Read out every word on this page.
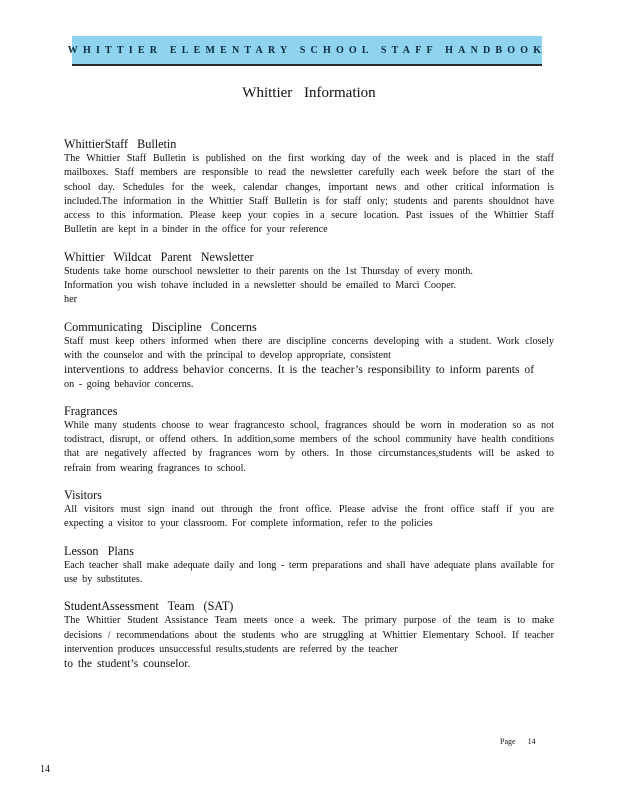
WHITTIER ELEMENTARY SCHOOL STAFF HANDBOOK
Whittier Information
WhittierStaff Bulletin
The Whittier Staff Bulletin is published on the first working day of the week and is placed in the staff mailboxes. Staff members are responsible to read the newsletter carefully each week before the start of the school day. Schedules for the week, calendar changes, important news and other critical information is included.The information in the Whittier Staff Bulletin is for staff only; students and parents shouldnot have access to this information. Please keep your copies in a secure location. Past issues of the Whittier Staff Bulletin are kept in a binder in the office for your reference
Whittier Wildcat Parent Newsletter
Students take home ourschool newsletter to their parents on the 1st Thursday of every month.
Information you wish tohave included in a newsletter should be emailed to Marci Cooper.
her
Communicating Discipline Concerns
Staff must keep others informed when there are discipline concerns developing with a student. Work closely with the counselor and with the principal to develop appropriate, consistent
interventions to address behavior concerns. It is the teacher’s responsibility to inform parents of
on - going behavior concerns.
Fragrances
While many students choose to wear fragrancesto school, fragrances should be worn in moderation so as not todistract, disrupt, or offend others. In addition,some members of the school community have health conditions that are negatively affected by fragrances worn by others. In those circumstances,students will be asked to refrain from wearing fragrances to school.
Visitors
All visitors must sign inand out through the front office. Please advise the front office staff if you are expecting a visitor to your classroom. For complete information, refer to the policies
Lesson Plans
Each teacher shall make adequate daily and long - term preparations and shall have adequate plans available for use by substitutes.
StudentAssessment Team (SAT)
The Whittier Student Assistance Team meets once a week. The primary purpose of the team is to make decisions / recommendations about the students who are struggling at Whittier Elementary School. If teacher intervention produces unsuccessful results,students are referred by the teacher
to the student’s counselor.
Page 14
14
